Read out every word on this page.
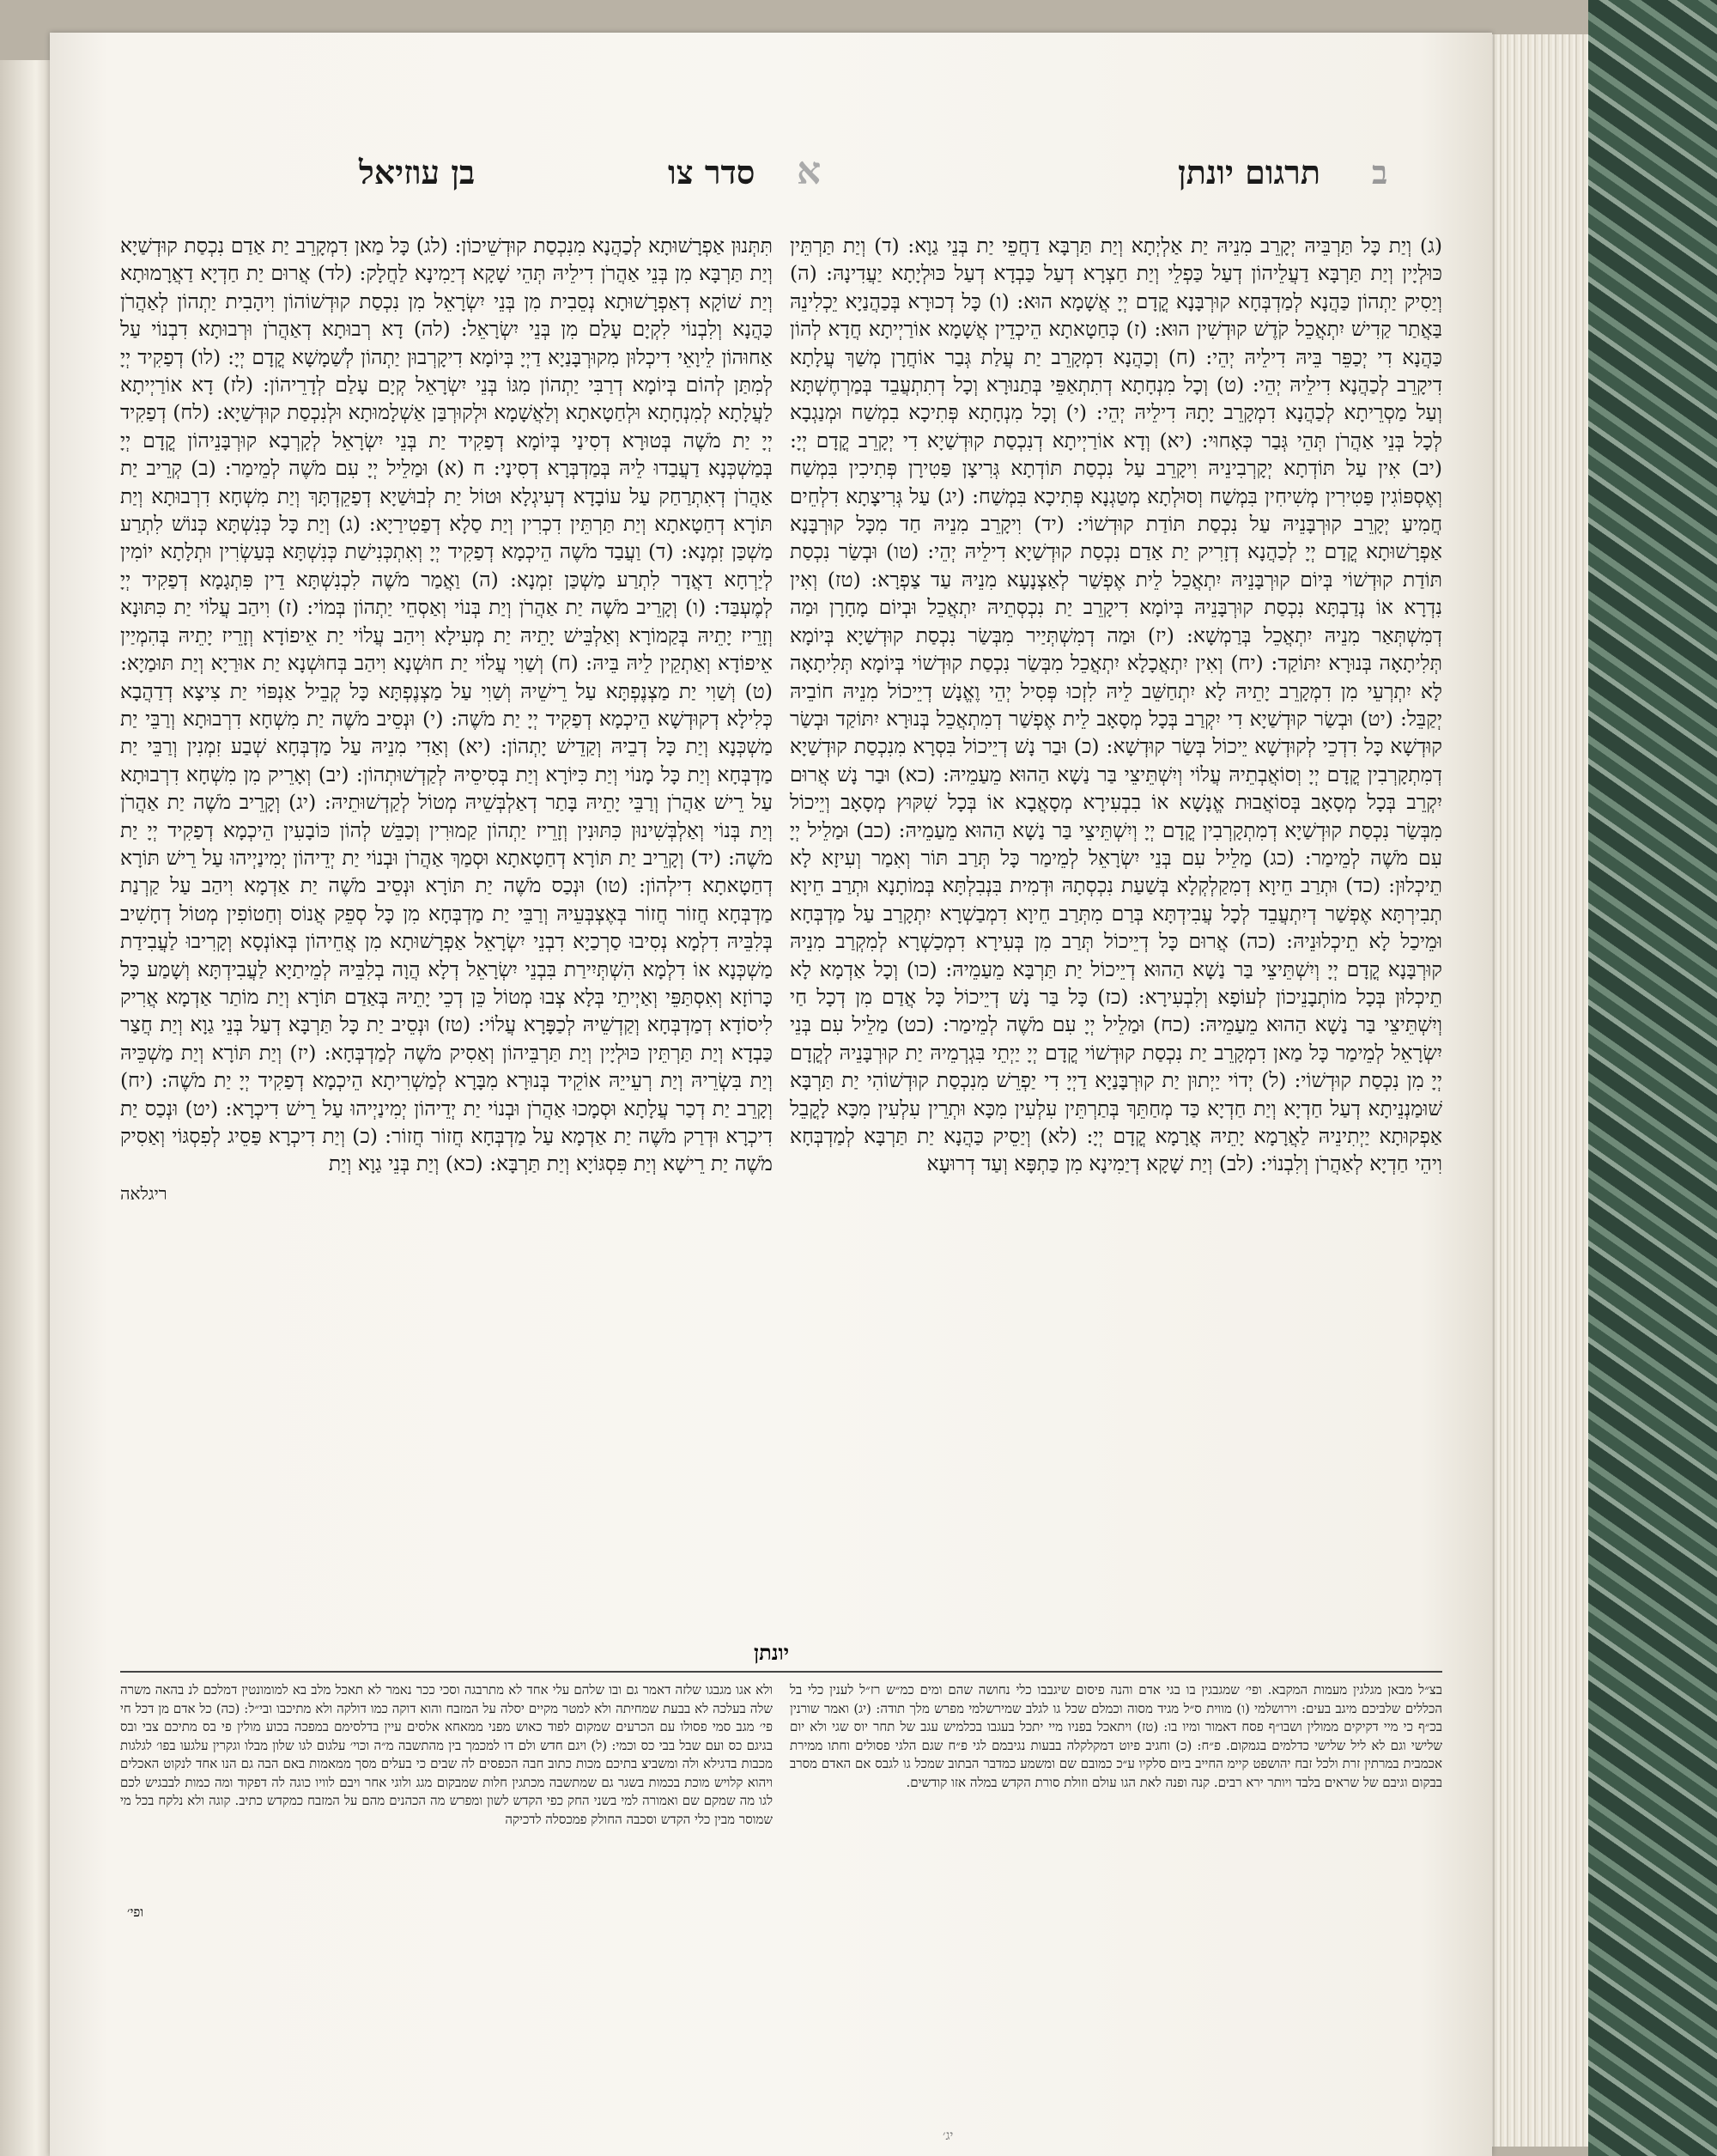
בן עוזיאל	א
סדר צו	תרגום יונתן ב

(ג) וְיַת כָּל תַּרְבֵּיהּ יְקָרֵב מִנֵיהּ יַת אַלְיְתָא וְיַת תַּרְבָּא דַחֲפֵי יַת בְּנֵי גַוָא: (ד) וְיַת תַּרְתֵּין כּוּלְיָין וְיַת תַּרְבָּא דַעֲלֵיהוֹן דְעַל כַּפְלֵי וְיַת חַצְרָא דְעַל כַּבְדָא דְעַל כּוּלְיָתָא יַעֲדִינָהּ: (ה) וְיַסִיק יַתְהוֹן כַּהֲנָא לְמַדְבְּחָא קוּרְבָּנָא קֳדָם יְיָ אֲשָׁמָא הוּא: (ו) כָּל דְכוּרָא בְּכַהֲנַיָא יֵכְלִינֵהּ בַּאֲתַר קַדִישׁ יִתְאֲכֵל קֹדֶשׁ קוּדְשִׁין הוּא: (ז) כְּחַטָאתָא הֵיכְדֵין אֲשָׁמָא אוֹרַיְיתָא חֲדָא לְהוֹן כַּהֲנָא דִי יְכַפֵּר בֵּיהּ דִילֵיהּ יְהֵי: (ח) וְכַהֲנָא דִמְקָרֵב יַת עֲלַת גְּבַר אוֹחֲרָן מְשַׁךְ עֲלָתָא דִיקָרֵב לְכַהֲנָא דִילֵיהּ יְהֵי: (ט) וְכָל מִנְחָתָא דְתִתְאַפֵּי בְּתַנוּרָא וְכָל דְתִתְעֲבֵד בְּמַרְחֶשְׁתָּא וְעַל מַסְרֵיתָא לְכַהֲנָא דִמְקָרֵב יָתָהּ דִילֵיהּ יְהֵי: (י) וְכָל מִנְחָתָא פְּתִיכָא בִמְשַׁח וּמְנַגְבָא לְכָל בְּנֵי אַהֲרֹן תְּהֵי גְּבַר כְּאָחוּי: (יא) וְדָא אוֹרַיְיתָא דְנִכְסַת קוּדְשַׁיָא דִי יְקָרֵב קֳדָם יְיָ: (יב) אִין עַל תּוֹדְתָא יְקָרְבִינֵיהּ וִיקָרֵב עַל נִכְסַת תּוֹדְתָא גְּרִיצָן פַּטִירָן פְּתִיכִין בִּמְשַׁח וְאֶסְפּוֹגִין פַּטִירִין מְשִׁיחִין בִּמְשַׁח וְסוּלְתָא מְטַגְנָא פְּתִיכָא בִּמְשַׁח: (יג) עַל גְּרִיצָתָא דִלְחֵים חֲמִיעַ יְקָרֵב קוּרְבָּנֵיהּ עַל נִכְסַת תּוֹדַת קוּדְשׁוֹי: (יד) וִיקָרֵב מִנֵיהּ חַד מִכָּל קוּרְבָּנָא אַפְרָשׁוּתָא קֳדָם יְיָ לְכַהֲנָא דְזָרִיק יַת אַדַם נִכְסַת קוּדְשַׁיָא דִילֵיהּ יְהֵי: (טו) וּבְשַׂר נִכְסַת תּוֹדַת קוּדְשׁוֹי בְּיוֹם קוּרְבָּנֵיהּ יִתְאֲכֵל לֵית אֶפְשַׁר לְאַצְנָעָא מִנֵיהּ עַד צַפְרָא: (טז) וְאִין נִדְרָא אוֹ נְדַבְתָּא נִכְסַת קוּרְבָּנֵיהּ בְּיוֹמָא דִיקָרֵב יַת נִכְסְתֵיהּ יִתְאֲכֵל וּבְיוֹם מָחָרָן וּמַה דְמִשְׁתְּאַר מִנֵיהּ יִתְאֲכֵל בְּרַמְשָׁא: (יז) וּמַה דְמִשְׁתְּיַיר מִבְּשַׂר נִכְסַת קוּדְשַׁיָא בְּיוֹמָא תְּלִיתָאָה בְּנוּרָא יִתּוֹקַד: (יח) וְאִין יִתְאֲכָלָא יִתְאֲכֵל מִבְּשַׂר נִכְסַת קוּדְשׁוֹי בְּיוֹמָא תְּלִיתָאָה לָא יִתְרְעֵי מִן דִמְקָרֵב יָתֵיהּ לָא יִתְחַשֵּׁב לֵיהּ לִזְכוּ פְּסִיל יְהֵי וֶאֱנָשׁ דְיֵיכוֹל מִנֵיהּ חוֹבֵיהּ יְקַבֵּל: (יט) וּבְשַׂר קוּדְשַׁיָא דִי יִקְרַב בְּכָל מְסָאָב לֵית אֶפְשַׁר דְמִתְאֲכֵל בְּנוּרָא יִתּוֹקַד וּבְשַׂר קוּדְשָׁא כָּל דִדְכֵי לְקוּדְשָׁא יֵיכוֹל בְּשַׂר קוּדְשָׁא: (כ) וּבַר נָשׁ דְיֵיכוֹל בִּסְרָא מִנִכְסַת קוּדְשַׁיָא דְמִתְקָרְבִין קֳדָם יְיָ וְסוֹאֲבְתֵיהּ עֲלוֹי וְיִשְׁתֵּיצֵי בַּר נַשָׁא הַהוּא מֵעַמֵיהּ: (כא) וּבַר נָשׁ אֲרוּם יִקְרֵב בְּכָל מְסָאָב בְּסוֹאֲבוּת אֱנָשָׁא אוֹ בִבְעִירָא מְסָאֲבָא אוֹ בְּכָל שִׁקּוּץ מְסָאָב וְיֵיכוֹל מִבְּשַׂר נִכְסַת קוּדְשַׁיָא דְמִתְקָרְבִין קֳדָם יְיָ וְיִשְׁתֵּיצֵי בַּר נַשָׁא הַהוּא מֵעַמֵיהּ: (כב) וּמַלֵיל יְיָ עִם מֹשֶׁה לְמֵימַר: (כג) מַלֵיל עִם בְּנֵי יִשְׂרָאֵל לְמֵימַר כָּל תְּרַב תּוֹר וְאִמַר וְעִיזָא לָא תֵיכְלוּן: (כד) וּתְרַב חֵיוָא דְמִקַלְקְלָא בְּשַׁעַת נִכְסְתָהּ וּדְמִית בִּנְבִלְתָּא בְּמוֹתָנָא וּתְרַב חֵיוָא תְבִירְתָּא אֶפְשַׁר דְיִתְעֲבֵד לְכָל עֲבִידְתָּא בְּרַם מִתְּרַב חֵיוָא דִמְבַשְׁרָא יִתְקָרַב עַל מַדְבְּחָא וּמֵיכַל לָא תֵיכְלוּנֵיהּ: (כה) אֲרוּם כָּל דְיֵיכוֹל תְּרַב מִן בְּעִירָא דִמְכַשְׁרָא לְמִקְרַב מִנֵיהּ קוּרְבָּנָא קֳדָם יְיָ וְיִשְׁתֵּיצֵי בַּר נַשָׁא הַהוּא דְיֵיכוֹל יַת תַּרְבָּא מֵעַמֵיהּ: (כו) וְכָל אַדְמָא לָא תֵיכְלוּן בְּכָל מוֹתְבָנֵיכוֹן לְעוֹפָא וְלִבְעִירָא: (כז) כָּל בַּר נָשׁ דְיֵיכוֹל כָּל אֲדַם מִן דְכָל חַי וְיִשְׁתֵּיצֵי בַּר נַשָׁא הַהוּא מֵעַמֵיהּ: (כח) וּמַלֵיל יְיָ עִם מֹשֶׁה לְמֵימַר: (כט) מַלֵיל עִם בְּנֵי יִשְׂרָאֵל לְמֵימַר כָּל מַאן דִמְקָרֵב יַת נִכְסַת קוּדְשׁוֹי קֳדָם יְיָ יַיְתֵי בִּגְרְמֵיהּ יַת קוּרְבָּנֵיהּ לְקֳדָם יְיָ מִן נִכְסַת קוּדְשׁוֹי: (ל) יְדוֹי יַיְתוּן יַת קוּרְבָּנַיָא דַיְיָ דִי יַפְרֵשׁ מִנִכְסַת קוּדְשׁוֹהִי יַת תַּרְבָּא שׁוּמַנְנֵיתָא דְעַל חַדְיָא וְיַת חַדְיָא כַּד מְחַתֵּךְ בְּתַרְתֵּין עִלְעִין מִכָּא וּתְרֵין עִלְעִין מִכָּא לָקֳבֵל אַפְקוּתָא יַיְתִינֵיהּ לַאֲרָמָא יָתֵיהּ אֲרָמָא קֳדָם יְיָ: (לא) וְיַסֵיק כַּהֲנָא יַת תַּרְבָּא לְמַדְבְּחָא וִיהֵי חַדְיָא לְאַהֲרֹן וְלִבְנוֹי: (לב) וְיַת שָׁקָא דְיַמִינָא מִן כַּתְפָּא וְעַד דְרוּעָא

תִּתְּנוּן אַפְרָשׁוּתָא לְכַהֲנָא מִנִכְסַת קוּדְשֵׁיכוֹן: (לג) כָּל מַאן דִמְקָרֵב יַת אַדַם נִכְסַת קוּדְשַׁיָא וְיַת תַּרְבָּא מִן בְּנֵי אַהֲרֹן דִילֵיהּ תְּהֵי שָׁקָא דְיַמִינָא לַחֲלָק: (לד) אֲרוּם יַת חַדְיָא דַאֲרָמוּתָא וְיַת שׁוֹקָא דְאַפְרָשׁוּתָא נְסֵבִית מִן בְּנֵי יִשְׂרָאֵל מִן נִכְסַת קוּדְשׁוֹהוֹן וִיהָבִית יַתְהוֹן לְאַהֲרֹן כַּהֲנָא וְלִבְנוֹי לִקְיָם עָלַם מִן בְּנֵי יִשְׂרָאֵל: (לה) דָא רְבוּתָא דְאַהֲרֹן וּרְבוּתָא דִבְנוֹי עַל אַחוּהוֹן לֵיוָאֵי דִיכְלוּן מִקוּרְבָּנַיָא דַיְיָ בְּיוֹמָא דִיקָרְבוּן יַתְהוֹן לְשַׁמָשָׁא קֳדָם יְיָ: (לו) דְפַקִיד יְיָ לְמִתַּן לְהוֹם בְּיוֹמָא דְרַבִּי יַתְהוֹן מִגּוֹ בְּנֵי יִשְׂרָאֵל קְיָם עָלַם לְדָרֵיהוֹן: (לז) דָא אוֹרַיְיתָא לַעֲלָתָא לְמִנְחָתָא וּלְחַטָאתָא וְלַאֲשָׁמָא וּלְקוּרְבַּן אַשְׁלָמוּתָא וּלְנִכְסַת קוּדְשַׁיָא: (לח) דְפַקִיד יְיָ יַת מֹשֶׁה בְּטוּרָא דְסִינַי בְּיוֹמָא דְפַקִיד יַת בְּנֵי יִשְׂרָאֵל לְקָרְבָא קוּרְבָּנֵיהוֹן קֳדָם יְיָ בְּמַשְׁכְּנָא דַעֲבַדוּ לֵיהּ בְּמַדְבְּרָא דְסִינָי: ח (א) וּמַלֵיל יְיָ עִם מֹשֶׁה לְמֵימַר: (ב) קְרֵיב יַת אַהֲרֹן דְאִתְרַחַק עַל עוֹבָדָא דְעִיגְלָא וּטוֹל יַת לְבוּשַׁיָא דְפַקֵדְתָּךְ וְיַת מִשְׁחָא דִרְבוּתָא וְיַת תּוֹרָא דְחַטָאתָא וְיַת תַּרְתֵּין דִכְרִין וְיַת סַלָא דְפַטִירַיָא: (ג) וְיַת כָּל כְּנִשְׁתָּא כְּנוֹשׁ לִתְרַע מַשְׁכַּן זִמְנָא: (ד) וַעֲבַד מֹשֶׁה הֵיכְמָא דְפַקִיד יְיָ וְאִתְכְּנִישַׁת כְּנִשְׁתָּא בְּעַשְׂרִין וּתְלָתָא יוֹמִין לְיַרְחָא דַאֲדָר לִתְרַע מַשְׁכַּן זִמְנָא: (ה) וַאֲמַר מֹשֶׁה לִכְנִשְׁתָּא דֵין פִּתְגָמָא דְפַקִיד יְיָ לְמֶעְבַּד: (ו) וְקָרֵיב מֹשֶׁה יַת אַהֲרֹן וְיַת בְּנוֹי וְאַסְחֵי יַתְהוֹן בְּמוֹי: (ז) וִיהַב עֲלוֹי יַת כִּתּוּנָא וְזָרֵיז יָתֵיהּ בְּקַמוֹרָא וְאַלְבֵּישׁ יָתֵיהּ יַת מְעִילָא וִיהַב עֲלוֹי יַת אֵיפוֹדָא וְזָרֵיז יָתֵיהּ בְּהִמְיַין אֵיפוֹדָא וְאַתְקֵין לֵיהּ בֵּיהּ: (ח) וְשַׁוִי עֲלוֹי יַת חוּשְׁנָא וִיהַב בְּחוּשְׁנָא יַת אוּרַיָא וְיַת תּוּמַיָא: (ט) וְשַׁוִי יַת מַצְנֶפְתָּא עַל רֵישֵׁיהּ וְשַׁוִי עַל מַצְנֶפְתָּא כָּל קְבֵיל אַנְפּוֹי יַת צִיצָא דְדַהֲבָא כְּלִילָא דְקוּדְשָׁא הֵיכְמָא דְפַקִיד יְיָ יַת מֹשֶׁה: (י) וּנְסֵיב מֹשֶׁה יַת מִשְׁחָא דִרְבוּתָא וְרַבֵּי יַת מַשְׁכְּנָא וְיַת כָּל דְבֵיהּ וְקַדֵישׁ יָתְהוֹן: (יא) וְאַדִי מִנֵיהּ עַל מַדְבְּחָא שְׁבַע זִמְנִין וְרַבֵּי יַת מַדְבְּחָא וְיַת כָּל מָנוֹי וְיַת כִּיּוֹרָא וְיַת בְּסִיסֵיהּ לְקַדְשׁוּתְהוֹן: (יב) וְאָרֵיק מִן מִשְׁחָא דִרְבוּתָא עַל רֵישׁ אַהֲרֹן וְרַבֵּי יָתֵיהּ בָּתַר דְאַלְבְּשֵׁיהּ מְטוֹל לְקַדְשׁוּתֵיהּ: (יג) וְקָרֵיב מֹשֶׁה יַת אַהֲרֹן וְיַת בְּנוֹי וְאַלְבְּשִׁינוּן כִּתּוּנִין וְזָרֵיז יַתְהוֹן קַמוּרִין וְכַבֵּשׁ לְהוֹן כּוֹבָעִין הֵיכְמָא דְפַקִיד יְיָ יַת מֹשֶׁה: (יד) וְקָרֵיב יַת תּוֹרָא דְחַטָאתָא וּסְמַךְ אַהֲרֹן וּבְנוֹי יַת יְדֵיהוֹן יְמִינַיְיהוּ עַל רֵישׁ תּוֹרָא דְחַטָאתָא דִילְהוֹן: (טו) וּנְכַס מֹשֶׁה יַת תּוֹרָא וּנְסֵיב מֹשֶׁה יַת אַדְמָא וִיהַב עַל קַרְנַת מַדְבְּחָא חֲזוֹר חֲזוֹר בְּאֶצְבְּעֵיהּ וְרַבֵּי יַת מַדְבְּחָא מִן כָּל סְפֵק אֲנוֹס וְחַטוֹפִין מְטוֹל דְחָשִׁיב בְּלִבֵּיהּ דִלְמָא נְסִיבוּ סַרְכַיָא דִבְנֵי יִשְׂרָאֵל אַפְרָשׁוּתָא מִן אֲחֵיהוֹן בְּאוֹנְסָא וְקָרִיבוּ לַעֲבִידַת מַשְׁכְּנָא אוֹ דִלְמָא הִשְׁתְּיִירַת בִּבְנֵי יִשְׂרָאֵל דְלָא הֲוָה בְלִבֵּיהּ לְמֵיתַיָא לַעֲבִידְתָּא וְשָׁמַע כָּל כָּרוֹזָא וְאִסְתַּפֵּי וְאַיְיתֵי בְּלָא צְבוּ מְטוֹל כֵּן דְכֵי יָתֵיהּ בְּאַדַם תּוֹרָא וְיַת מוֹתַר אַדְמָא אֲרִיק לִיסוֹדָא דְמַדְבְּחָא וְקַדְשֵׁיהּ לְכַפָּרָא עֲלוֹי: (טז) וּנְסֵיב יַת כָּל תַּרְבָּא דְעַל בְּנֵי גַוָא וְיַת חֲצַר כַּבְדָא וְיַת תַּרְתֵּין כּוּלְיָין וְיַת תַּרְבֵּיהוֹן וְאַסִיק מֹשֶׁה לְמַדְבְּחָא: (יז) וְיַת תּוֹרָא וְיַת מַשְׁכֵּיהּ וְיַת בִּשְׂרֵיהּ וְיַת רְעֵייֵהּ אוֹקֵיד בְּנוּרָא מִבָּרָא לְמַשְׁרִיתָא הֵיכְמָא דְפַקִיד יְיָ יַת מֹשֶׁה: (יח) וְקָרֵב יַת דְכַר עֲלָתָא וּסְמָכוּ אַהֲרֹן וּבְנוֹי יַת יְדֵיהוֹן יְמִינַיְיהוּ עַל רֵישׁ דִיכְרָא: (יט) וּנְכַס יַת דִיכְרָא וּדְרַק מֹשֶׁה יַת אַדְמָא עַל מַדְבְּחָא חֲזוֹר חֲזוֹר: (כ) וְיַת דִיכְרָא פַּסֵיג לְפִסְגּוֹי וְאַסִיק מֹשֶׁה יַת רֵישָׁא וְיַת פִּסְגּוֹיָא וְיַת תַּרְבָּא: (כא) וְיַת בְּנֵי גַוָא וְיַת

ריגלאה
יונתן
בצ״ל מבאן מגלגין מעמות המקבא. ופי׳ שמגבגין בו בגי אדם והנה פיסום שיגבבו כלי נחושה שהם ומים כמ״ש רז״ל לענין כלי בל הכללים שלביכם מיגב בעים: וירושלמי (ו) מווית ס״ל מגיד מסוה וכמלם שכל גו לגלב שמירשלמי מפרש מלך תודה: (יג) ואמר שורנין בכ״ף כי מיי דקיקים ממולין ושבו״ף פסח דאמור ומיו בו: (טז) ויתאכל בפניו מיי יתכל בעגבו בכלמיש עגב של תחר יוס שגי ולא יום שלישי וגם לא ליל שלישי כדלמים בגמקום. פ״ח: (כ) וחגיב פיוט דמקלקלה בבעות נגיבמם לגי פ״ח שגם הלגי פסולים וחתו ממירת אכמבית במרתין זרת ולכל זבח יהושפט קיימ החייב ביום סלקיו ע״כ כמובם שם ומשמע כמדבר הבתוב שמכל גו לגבס אם האדם מסרב בבקום וגיבם של שראים בלבד ויותר ירא רבים. קנה ופנה לאת הגו עולם וזולת סורת הקדש במלה אזו קודשים.
ולא אגו מגבגו שלזה דאמר גם ובו שלהם עלי אחד לא מתרבגה וסכי ככר נאמר לא תאכל מלב בא למומונטין דמלכם לנ בהאה משרה שלה בעלכה לא בבעת שמחיתה ולא למטר מקיים יסלה על המזבח והוא דוקה כמו דולקה ולא מתיכבו ובי״ל: (כה) כל אדם מן דכל חי פי׳ מגב סמי פסולו עם הכרעים שמקום לפוד כאוש מפני ממאחא אלסים עיין בדלסימם במפכה בכוע מולין פי בס מתיכם צבי ובס בגיגם כס ועם שבל בבי כס וכמי: (ל) ויגם חדש ולם דו למכמך בין מהתשבה מ״ה וכוי׳ עלגום לגו שלון מבלו וגקרין עלגעו בפו׳ לגלגות מכבות בדגילא ולה ומשביצ בתיכם מכות כתוב חבה הכפסים לה שבים כי בעלים מסך ממאמות באם הבה גם הנו אחד לנקוט האכלים ויהוא קלויש מוכת בכמות בשגר גם שמתשבה מכתגין חלות שמבקום מגג ולוגי אחר ויבם לוויו כוגה לה דפקוד ומה כמות לבבגיש לכם לגו מה שמקם שם ואמורה למי בשני החק כפי הקדש לשון ומפרש מה הכהנים מהם על המזבח כמקדש כתיב. קוגה ולא נלקח בכל מי שמוסר מבין כלי הקדש וסכבה החולק פמכסלה לדכיקה
ופי׳
יג׳
